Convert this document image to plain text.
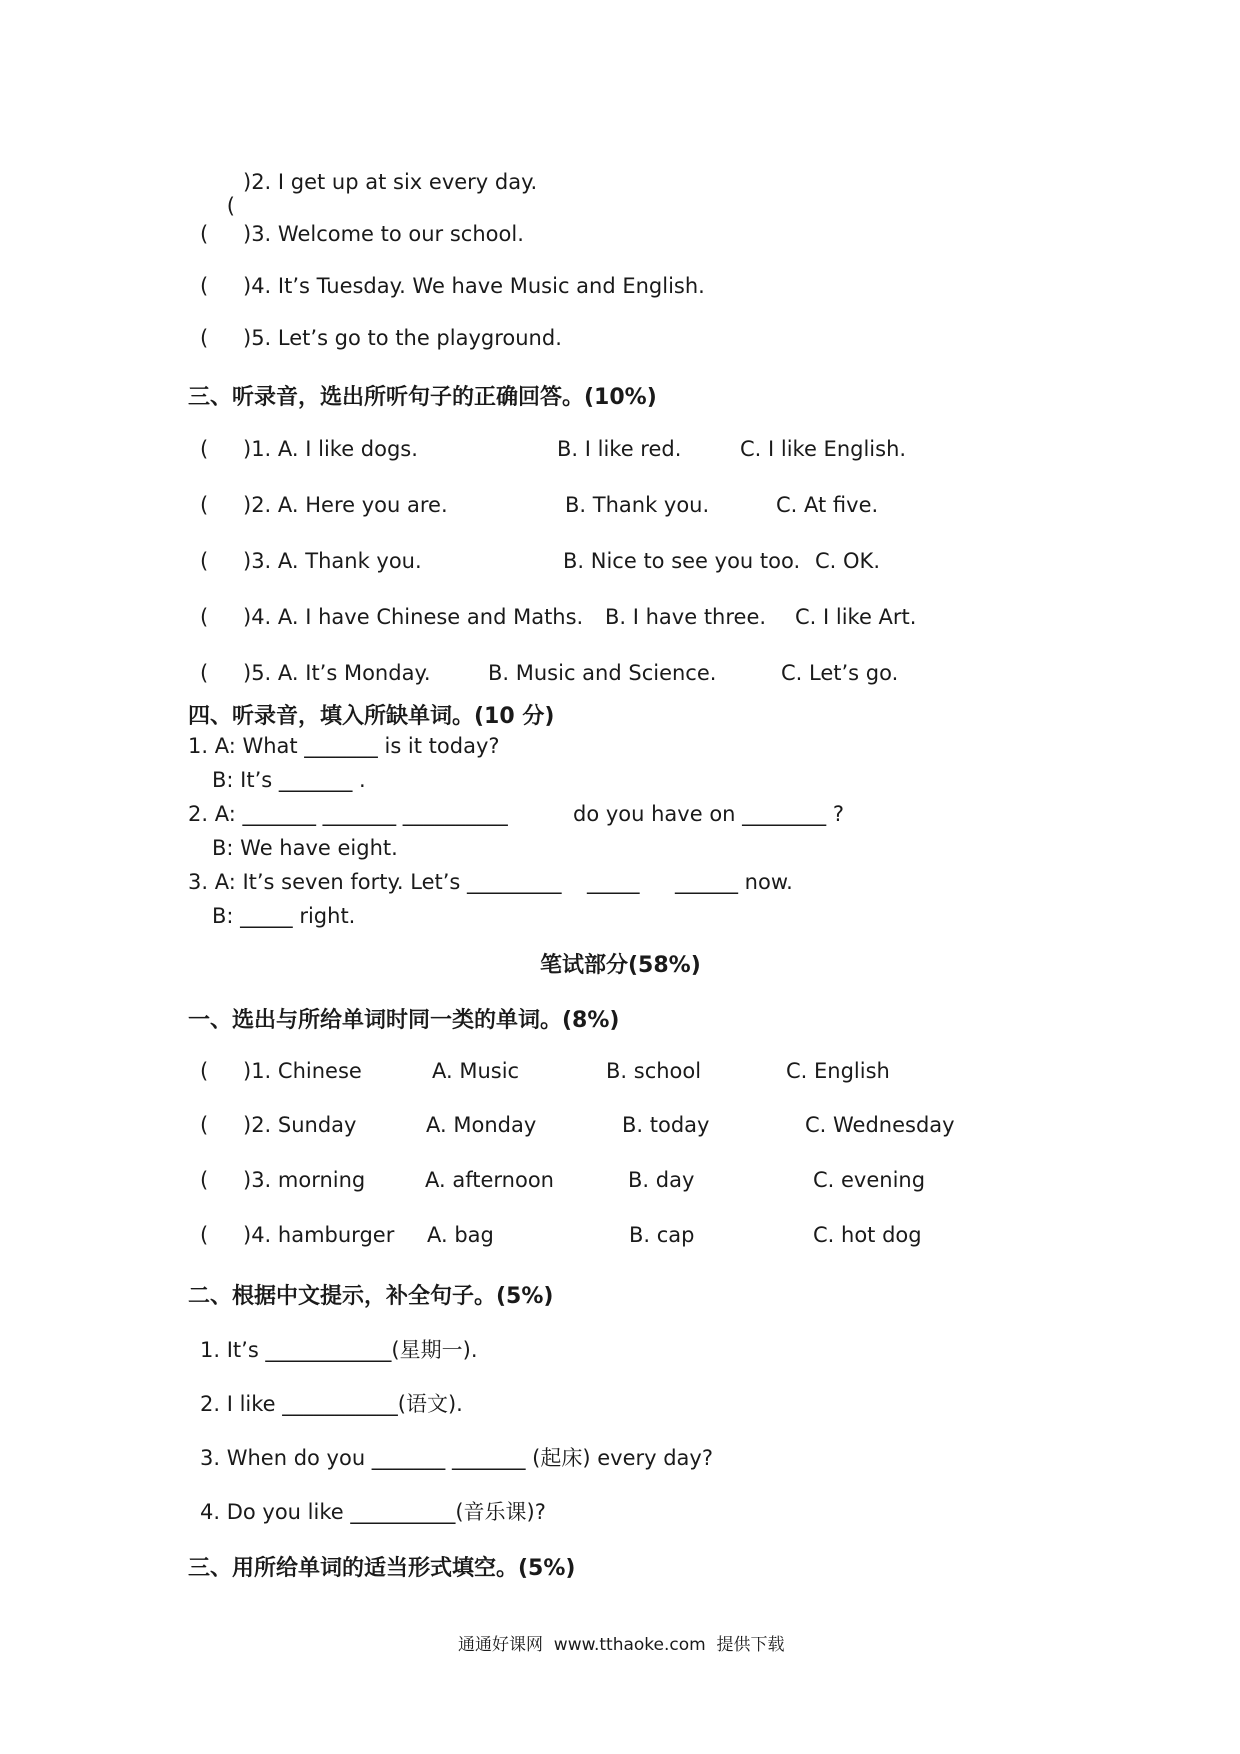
(

)2. I get up at six every day.
( )3. Welcome to our school.
( )4. It’s Tuesday. We have Music and English.
( )5. Let’s go to the playground.
三、听录音，选出所听句子的正确回答。(10%)
( )1. A. I like dogs.	B. I like red.	C. I like English.
( )2. A. Here you are.	B. Thank you.	C. At five.
( )3. A. Thank you.	B. Nice to see you too. C. OK.
( )4. A. I have Chinese and Maths. B. I have three. C. I like Art.
( )5. A. It’s Monday.	B. Music and Science.	C. Let’s go.
四、听录音，填入所缺单词。(10 分)
1. A: What _______ is it today?
B: It’s _______ .
2. A: _______ _______ __________	do you have on ________ ?
B: We have eight.
3. A: It’s seven forty. Let’s _________ _____ ______ now.
B: _____ right.
笔试部分(58%)
一、选出与所给单词时同一类的单词。(8%)
( )1. Chinese	A. Music	B. school	C. English
( )2. Sunday	A. Monday	B. today	C. Wednesday
( )3. morning	A. afternoon	B. day	C. evening
( )4. hamburger A. bag	B. cap	C. hot dog
二、根据中文提示，补全句子。(5%)
1. It’s ____________(星期一).
2. I like ___________(语文).
3. When do you _______ _______ (起床) every day?
4. Do you like __________(音乐课)?
三、用所给单词的适当形式填空。(5%)
通通好课网  www.tthaoke.com  提供下载
